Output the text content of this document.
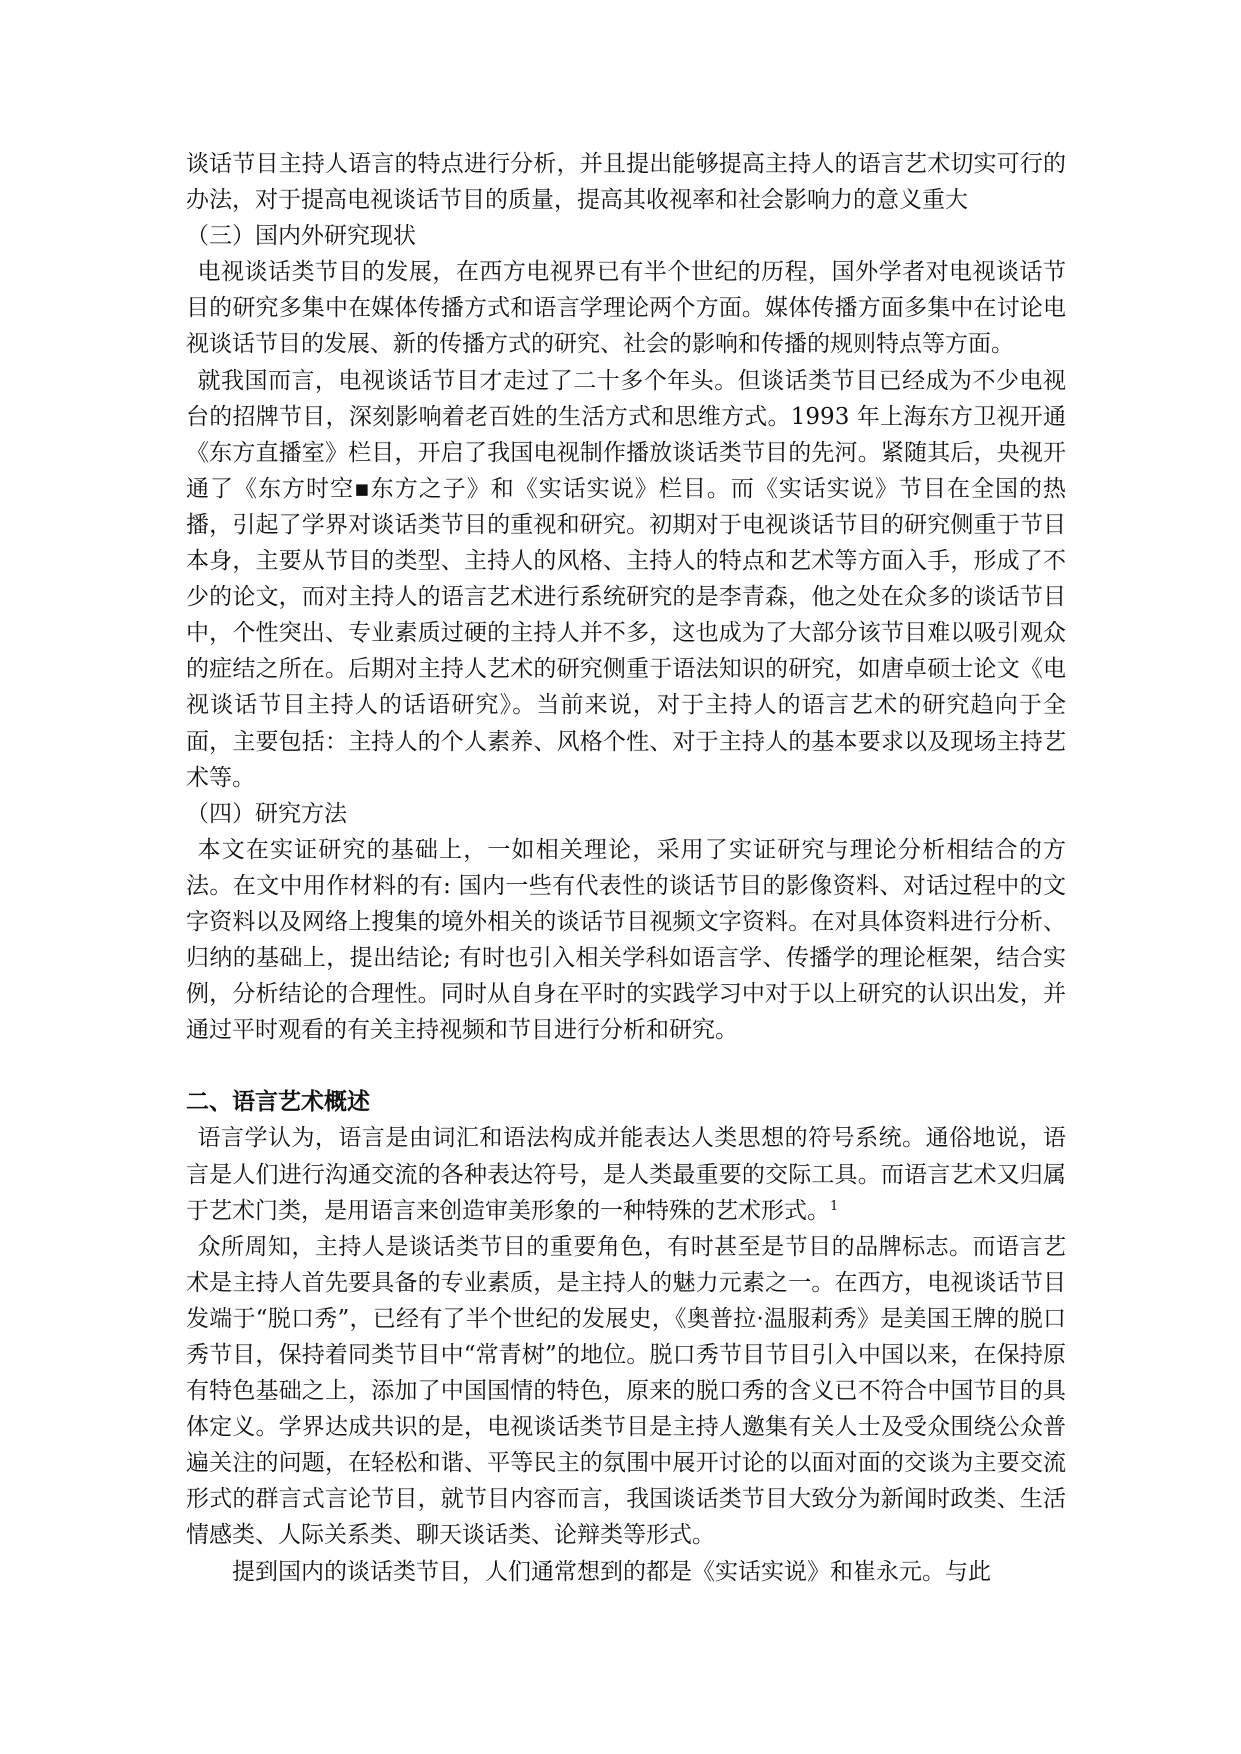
谈话节目主持人语言的特点进行分析，并且提出能够提高主持人的语言艺术切实可行的办法，对于提高电视谈话节目的质量，提高其收视率和社会影响力的意义重大
（三）国内外研究现状
电视谈话类节目的发展，在西方电视界已有半个世纪的历程，国外学者对电视谈话节目的研究多集中在媒体传播方式和语言学理论两个方面。媒体传播方面多集中在讨论电视谈话节目的发展、新的传播方式的研究、社会的影响和传播的规则特点等方面。
就我国而言，电视谈话节目才走过了二十多个年头。但谈话类节目已经成为不少电视台的招牌节目，深刻影响着老百姓的生活方式和思维方式。1993 年上海东方卫视开通《东方直播室》栏目，开启了我国电视制作播放谈话类节目的先河。紧随其后，央视开通了《东方时空▪东方之子》和《实话实说》栏目。而《实话实说》节目在全国的热播，引起了学界对谈话类节目的重视和研究。初期对于电视谈话节目的研究侧重于节目本身，主要从节目的类型、主持人的风格、主持人的特点和艺术等方面入手，形成了不少的论文，而对主持人的语言艺术进行系统研究的是李青森，他之处在众多的谈话节目中，个性突出、专业素质过硬的主持人并不多，这也成为了大部分该节目难以吸引观众的症结之所在。后期对主持人艺术的研究侧重于语法知识的研究，如唐卓硕士论文《电视谈话节目主持人的话语研究》。当前来说，对于主持人的语言艺术的研究趋向于全面，主要包括：主持人的个人素养、风格个性、对于主持人的基本要求以及现场主持艺术等。
（四）研究方法
本文在实证研究的基础上，一如相关理论，采用了实证研究与理论分析相结合的方法。在文中用作材料的有: 国内一些有代表性的谈话节目的影像资料、对话过程中的文字资料以及网络上搜集的境外相关的谈话节目视频文字资料。在对具体资料进行分析、归纳的基础上，提出结论; 有时也引入相关学科如语言学、传播学的理论框架，结合实例，分析结论的合理性。同时从自身在平时的实践学习中对于以上研究的认识出发，并通过平时观看的有关主持视频和节目进行分析和研究。
二、语言艺术概述
语言学认为，语言是由词汇和语法构成并能表达人类思想的符号系统。通俗地说，语言是人们进行沟通交流的各种表达符号，是人类最重要的交际工具。而语言艺术又归属于艺术门类，是用语言来创造审美形象的一种特殊的艺术形式。$^1$
众所周知，主持人是谈话类节目的重要角色，有时甚至是节目的品牌标志。而语言艺术是主持人首先要具备的专业素质，是主持人的魅力元素之一。在西方，电视谈话节目发端于“脱口秀”，已经有了半个世纪的发展史，《奥普拉·温服莉秀》是美国王牌的脱口秀节目，保持着同类节目中“常青树”的地位。脱口秀节目节目引入中国以来，在保持原有特色基础之上，添加了中国国情的特色，原来的脱口秀的含义已不符合中国节目的具体定义。学界达成共识的是，电视谈话类节目是主持人邀集有关人士及受众围绕公众普遍关注的问题，在轻松和谐、平等民主的氛围中展开讨论的以面对面的交谈为主要交流形式的群言式言论节目，就节目内容而言，我国谈话类节目大致分为新闻时政类、生活情感类、人际关系类、聊天谈话类、论辩类等形式。
提到国内的谈话类节目，人们通常想到的都是《实话实说》和崔永元。与此
